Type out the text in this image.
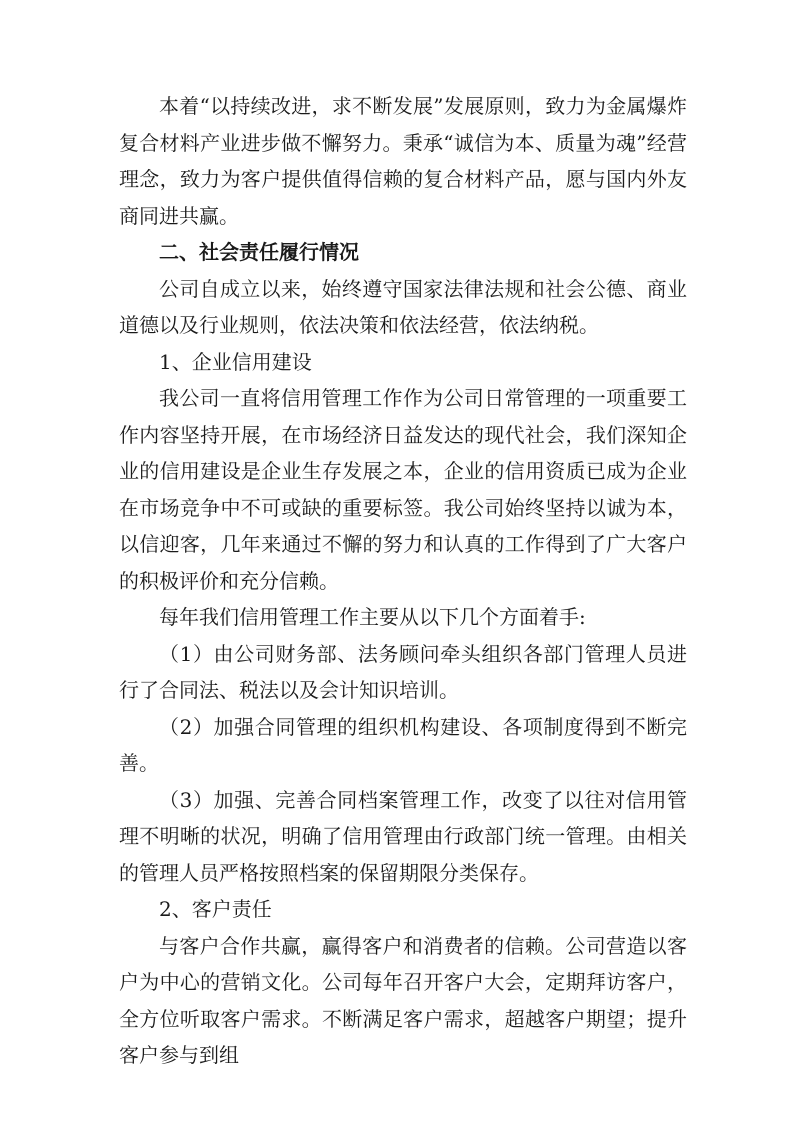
本着“以持续改进，求不断发展”发展原则，致力为金属爆炸复合材料产业进步做不懈努力。秉承“诚信为本、质量为魂”经营理念，致力为客户提供值得信赖的复合材料产品，愿与国内外友商同进共赢。

二、社会责任履行情况

公司自成立以来，始终遵守国家法律法规和社会公德、商业道德以及行业规则，依法决策和依法经营，依法纳税。

1、企业信用建设

我公司一直将信用管理工作作为公司日常管理的一项重要工作内容坚持开展，在市场经济日益发达的现代社会，我们深知企业的信用建设是企业生存发展之本，企业的信用资质已成为企业在市场竞争中不可或缺的重要标签。我公司始终坚持以诚为本，以信迎客，几年来通过不懈的努力和认真的工作得到了广大客户的积极评价和充分信赖。

每年我们信用管理工作主要从以下几个方面着手:

（1）由公司财务部、法务顾问牵头组织各部门管理人员进行了合同法、税法以及会计知识培训。

（2）加强合同管理的组织机构建设、各项制度得到不断完善。

（3）加强、完善合同档案管理工作，改变了以往对信用管理不明晰的状况，明确了信用管理由行政部门统一管理。由相关的管理人员严格按照档案的保留期限分类保存。

2、客户责任

与客户合作共赢，赢得客户和消费者的信赖。公司营造以客户为中心的营销文化。公司每年召开客户大会，定期拜访客户，全方位听取客户需求。不断满足客户需求，超越客户期望；提升客户参与到组
